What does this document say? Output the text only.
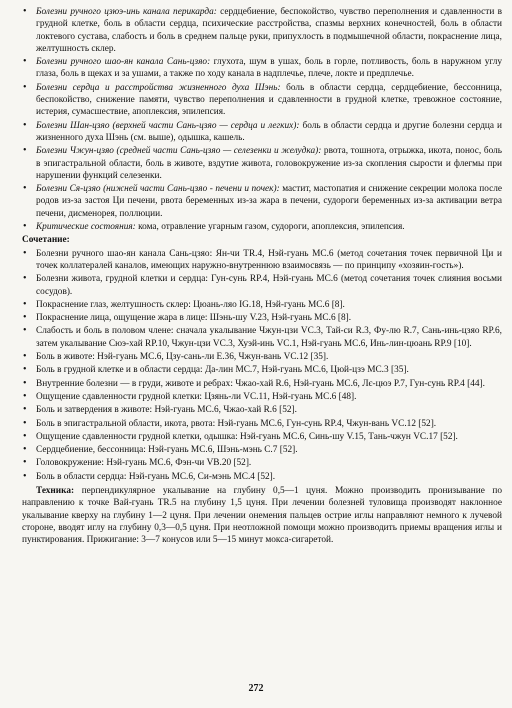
• Болезни ручного цзюэ-инь канала перикарда: сердцебиение, беспокойство, чувство переполнения и сдавленности в грудной клетке, боль в области сердца, психические расстройства, спазмы верхних конечностей, боль в области локтевого сустава, слабость и боль в среднем пальце руки, припухлость в подмышечной области, покраснение лица, желтушность склер.
• Болезни ручного шао-ян канала Сань-цзяо: глухота, шум в ушах, боль в горле, потливость, боль в наружном углу глаза, боль в щеках и за ушами, а также по ходу канала в надплечье, плече, локте и предплечье.
• Болезни сердца и расстройства жизненного духа Шэнь: боль в области сердца, сердцебиение, бессонница, беспокойство, снижение памяти, чувство переполнения и сдавленности в грудной клетке, тревожное состояние, истерия, сумасшествие, апоплексия, эпилепсия.
• Болезни Шан-цзяо (верхней части Сань-цзяо — сердца и легких): боль в области сердца и другие болезни сердца и жизненного духа Шэнь (см. выше), одышка, кашель.
• Болезни Чжун-цзяо (средней части Сань-цзяо — селезенки и желудка): рвота, тошнота, отрыжка, икота, понос, боль в эпигастральной области, боль в животе, вздутие живота, головокружение из-за скопления сырости и флегмы при нарушении функций селезенки.
• Болезни Ся-цзяо (нижней части Сань-цзяо - печени и почек): мастит, мастопатия и снижение секреции молока после родов из-за застоя Ци печени, рвота беременных из-за жара в печени, судороги беременных из-за активации ветра печени, дисменорея, поллюции.
• Критические состояния: кома, отравление угарным газом, судороги, апоплексия, эпилепсия.
Сочетание:
• Болезни ручного шао-ян канала Сань-цзяо: Ян-чи TR.4, Нэй-гуань МС.6 (метод сочетания точек первичной Ци и точек коллатералей каналов, имеющих наружно-внутреннюю взаимосвязь — по принципу «хозяин-гость»).
• Болезни живота, грудной клетки и сердца: Гун-сунь RP.4, Нэй-гуань МС.6 (метод сочетания точек слияния восьми сосудов).
• Покраснение глаз, желтушность склер: Цюань-ляо IG.18, Нэй-гуань МС.6 [8].
• Покраснение лица, ощущение жара в лице: Шэнь-шу V.23, Нэй-гуань МС.6 [8].
• Слабость и боль в половом члене: сначала укалывание Чжун-цзи VC.3, Тай-си R.3, Фу-лю R.7, Сань-инь-цзяо RP.6, затем укалывание Сюэ-хай RP.10, Чжун-цзи VC.3, Хуэй-инь VC.1, Нэй-гуань МС.6, Инь-лин-цюань RP.9 [10].
• Боль в животе: Нэй-гуань МС.6, Цзу-сань-ли E.36, Чжун-вань VC.12 [35].
• Боль в грудной клетке и в области сердца: Да-лин МС.7, Нэй-гуань МС.6, Цюй-цзэ МС.3 [35].
• Внутренние болезни — в груди, животе и ребрах: Чжао-хай R.6, Нэй-гуань МС.6, Лє-цюэ P.7, Гун-сунь RP.4 [44].
• Ощущение сдавленности грудной клетки: Цзянь-ли VC.11, Нэй-гуань МС.6 [48].
• Боль и затвердения в животе: Нэй-гуань МС.6, Чжао-хай R.6 [52].
• Боль в эпигастральной области, икота, рвота: Нэй-гуань МС.6, Гун-сунь RP.4, Чжун-вань VC.12 [52].
• Ощущение сдавленности грудной клетки, одышка: Нэй-гуань МС.6, Синь-шу V.15, Тань-чжун VC.17 [52].
• Сердцебиение, бессонница: Нэй-гуань МС.6, Шэнь-мэнь C.7 [52].
• Головокружение: Нэй-гуань МС.6, Фэн-чи VB.20 [52].
• Боль в области сердца: Нэй-гуань МС.6, Си-мэнь МС.4 [52].
Техника: перпендикулярное укалывание на глубину 0,5—1 цуня. Можно производить пронизывание по направлению к точке Вай-гуань TR.5 на глубину 1,5 цуня. При лечении болезней туловища производят наклонное укалывание кверху на глубину 1—2 цуня. При лечении онемения пальцев острие иглы направляют немного к лучевой стороне, вводят иглу на глубину 0,3—0,5 цуня. При неотложной помощи можно производить приемы вращения иглы и пунктирования. Прижигание: 3—7 конусов или 5—15 минут мокса-сигаретой.
272
